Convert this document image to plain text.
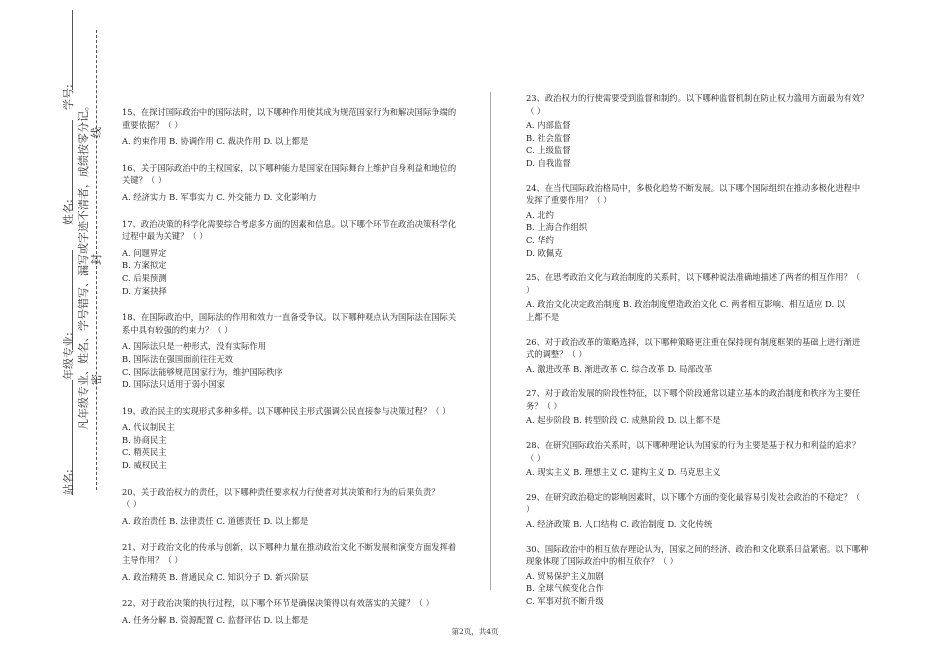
学号:
姓名:
年级专业:
站名:
凡年级专业、姓名、学号错写、漏写或字迹不清者，成绩按零分记。 密
封
线
15、在探讨国际政治中的国际法时，以下哪种作用使其成为规范国家行为和解决国际争端的
重要依据？（ ）
A. 约束作用 B. 协调作用 C. 裁决作用 D. 以上都是
16、关于国际政治中的主权国家，以下哪种能力是国家在国际舞台上维护自身利益和地位的
关键？（ ）
A. 经济实力 B. 军事实力 C. 外交能力 D. 文化影响力
17、政治决策的科学化需要综合考虑多方面的因素和信息。以下哪个环节在政治决策科学化
过程中最为关键？（ ）
A. 问题界定
B. 方案拟定
C. 后果预测
D. 方案抉择
18、在国际政治中，国际法的作用和效力一直备受争议。以下哪种观点认为国际法在国际关
系中具有较强的约束力？（ ）
A. 国际法只是一种形式，没有实际作用
B. 国际法在强国面前往往无效
C. 国际法能够规范国家行为，维护国际秩序
D. 国际法只适用于弱小国家
19、政治民主的实现形式多种多样。以下哪种民主形式强调公民直接参与决策过程？（ ）
A. 代议制民主
B. 协商民主
C. 精英民主
D. 威权民主
20、关于政治权力的责任，以下哪种责任要求权力行使者对其决策和行为的后果负责？
（ ）
A. 政治责任 B. 法律责任 C. 道德责任 D. 以上都是
21、对于政治文化的传承与创新，以下哪种力量在推动政治文化不断发展和演变方面发挥着
主导作用？（ ）
A. 政治精英 B. 普通民众 C. 知识分子 D. 新兴阶层
22、对于政治决策的执行过程，以下哪个环节是确保决策得以有效落实的关键？（ ）
A. 任务分解 B. 资源配置 C. 监督评估 D. 以上都是
23、政治权力的行使需要受到监督和制约。以下哪种监督机制在防止权力滥用方面最为有效？
（ ）
A. 内部监督
B. 社会监督
C. 上级监督
D. 自我监督
24、在当代国际政治格局中，多极化趋势不断发展。以下哪个国际组织在推动多极化进程中
发挥了重要作用？（ ）
A. 北约
B. 上海合作组织
C. 华约
D. 欧佩克
25、在思考政治文化与政治制度的关系时，以下哪种说法准确地描述了两者的相互作用？（
）
A. 政治文化决定政治制度 B. 政治制度塑造政治文化 C. 两者相互影响、相互适应 D. 以
上都不是
26、对于政治改革的策略选择，以下哪种策略更注重在保持现有制度框架的基础上进行渐进
式的调整？（ ）
A. 激进改革 B. 渐进改革 C. 综合改革 D. 局部改革
27、对于政治发展的阶段性特征，以下哪个阶段通常以建立基本的政治制度和秩序为主要任
务？（ ）
A. 起步阶段 B. 转型阶段 C. 成熟阶段 D. 以上都不是
28、在研究国际政治关系时，以下哪种理论认为国家的行为主要是基于权力和利益的追求？
（ ）
A. 现实主义 B. 理想主义 C. 建构主义 D. 马克思主义
29、在研究政治稳定的影响因素时，以下哪个方面的变化最容易引发社会政治的不稳定？（
）
A. 经济政策 B. 人口结构 C. 政治制度 D. 文化传统
30、国际政治中的相互依存理论认为，国家之间的经济、政治和文化联系日益紧密。以下哪种
现象体现了国际政治中的相互依存？（ ）
A. 贸易保护主义加剧
B. 全球气候变化合作
C. 军事对抗不断升级
第2页，共4页
